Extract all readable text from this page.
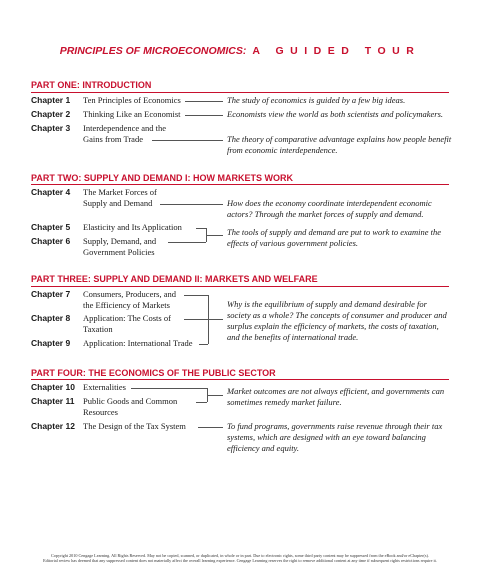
PRINCIPLES OF MICROECONOMICS: A GUIDED TOUR
PART ONE: INTRODUCTION
Chapter 1 Ten Principles of Economics	The study of economics is guided by a few big ideas.
Chapter 2 Thinking Like an Economist	Economists view the world as both scientists and policymakers.
Chapter 3 Interdependence and the
Gains from Trade	The theory of comparative advantage explains how people benefit
from economic interdependence.
PART TWO: SUPPLY AND DEMAND I: HOW MARKETS WORK
Chapter 4 The Market Forces of
Supply and Demand	How does the economy coordinate interdependent economic
actors? Through the market forces of supply and demand.
Chapter 5 Elasticity and Its Application
Chapter 6 Supply, Demand, and
Government Policies
The tools of supply and demand are put to work to examine the
effects of various government policies.
PART THREE: SUPPLY AND DEMAND II: MARKETS AND WELFARE
Chapter 7 Consumers, Producers, and
the Efficiency of Markets
Chapter 8 Application: The Costs of
Taxation
Chapter 9 Application: International Trade
Why is the equilibrium of supply and demand desirable for
society as a whole? The concepts of consumer and producer and
surplus explain the efficiency of markets, the costs of taxation,
and the benefits of international trade.
PART FOUR: THE ECONOMICS OF THE PUBLIC SECTOR
Chapter 10 Externalities
Chapter 11 Public Goods and Common
Resources
Market outcomes are not always efficient, and governments can
sometimes remedy market failure.
Chapter 12 The Design of the Tax System	To fund programs, governments raise revenue through their tax
systems, which are designed with an eye toward balancing
efficiency and equity.
Copyright 2010 Cengage Learning. All Rights Reserved. May not be copied, scanned, or duplicated, in whole or in part. Due to electronic rights, some third party content may be suppressed from the eBook and/or eChapter(s).
Editorial review has deemed that any suppressed content does not materially affect the overall learning experience. Cengage Learning reserves the right to remove additional content at any time if subsequent rights restrictions require it.
